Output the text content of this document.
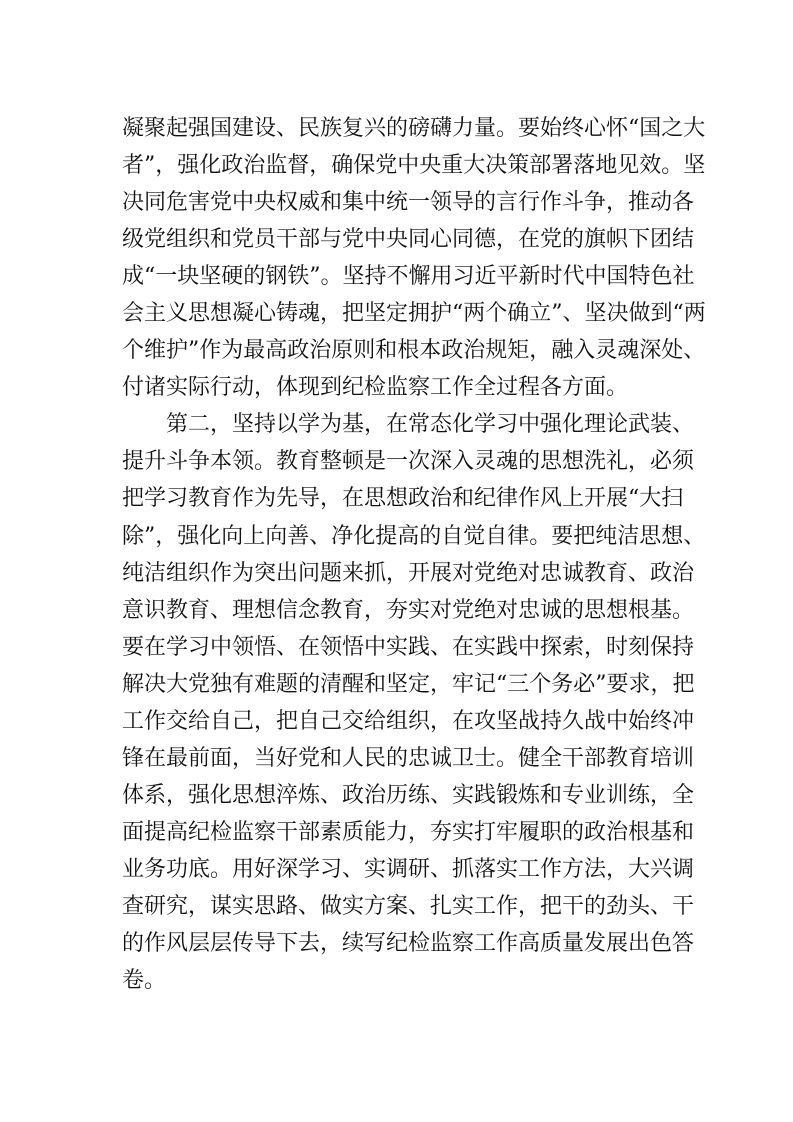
凝聚起强国建设、民族复兴的磅礴力量。要始终心怀“国之大
者”，强化政治监督，确保党中央重大决策部署落地见效。坚
决同危害党中央权威和集中统一领导的言行作斗争，推动各
级党组织和党员干部与党中央同心同德，在党的旗帜下团结
成“一块坚硬的钢铁”。坚持不懈用习近平新时代中国特色社
会主义思想凝心铸魂，把坚定拥护“两个确立”、坚决做到“两
个维护”作为最高政治原则和根本政治规矩，融入灵魂深处、
付诸实际行动，体现到纪检监察工作全过程各方面。
　　第二，坚持以学为基，在常态化学习中强化理论武装、
提升斗争本领。教育整顿是一次深入灵魂的思想洗礼，必须
把学习教育作为先导，在思想政治和纪律作风上开展“大扫
除”，强化向上向善、净化提高的自觉自律。要把纯洁思想、
纯洁组织作为突出问题来抓，开展对党绝对忠诚教育、政治
意识教育、理想信念教育，夯实对党绝对忠诚的思想根基。
要在学习中领悟、在领悟中实践、在实践中探索，时刻保持
解决大党独有难题的清醒和坚定，牢记“三个务必”要求，把
工作交给自己，把自己交给组织，在攻坚战持久战中始终冲
锋在最前面，当好党和人民的忠诚卫士。健全干部教育培训
体系，强化思想淬炼、政治历练、实践锻炼和专业训练，全
面提高纪检监察干部素质能力，夯实打牢履职的政治根基和
业务功底。用好深学习、实调研、抓落实工作方法，大兴调
查研究，谋实思路、做实方案、扎实工作，把干的劲头、干
的作风层层传导下去，续写纪检监察工作高质量发展出色答
卷。
